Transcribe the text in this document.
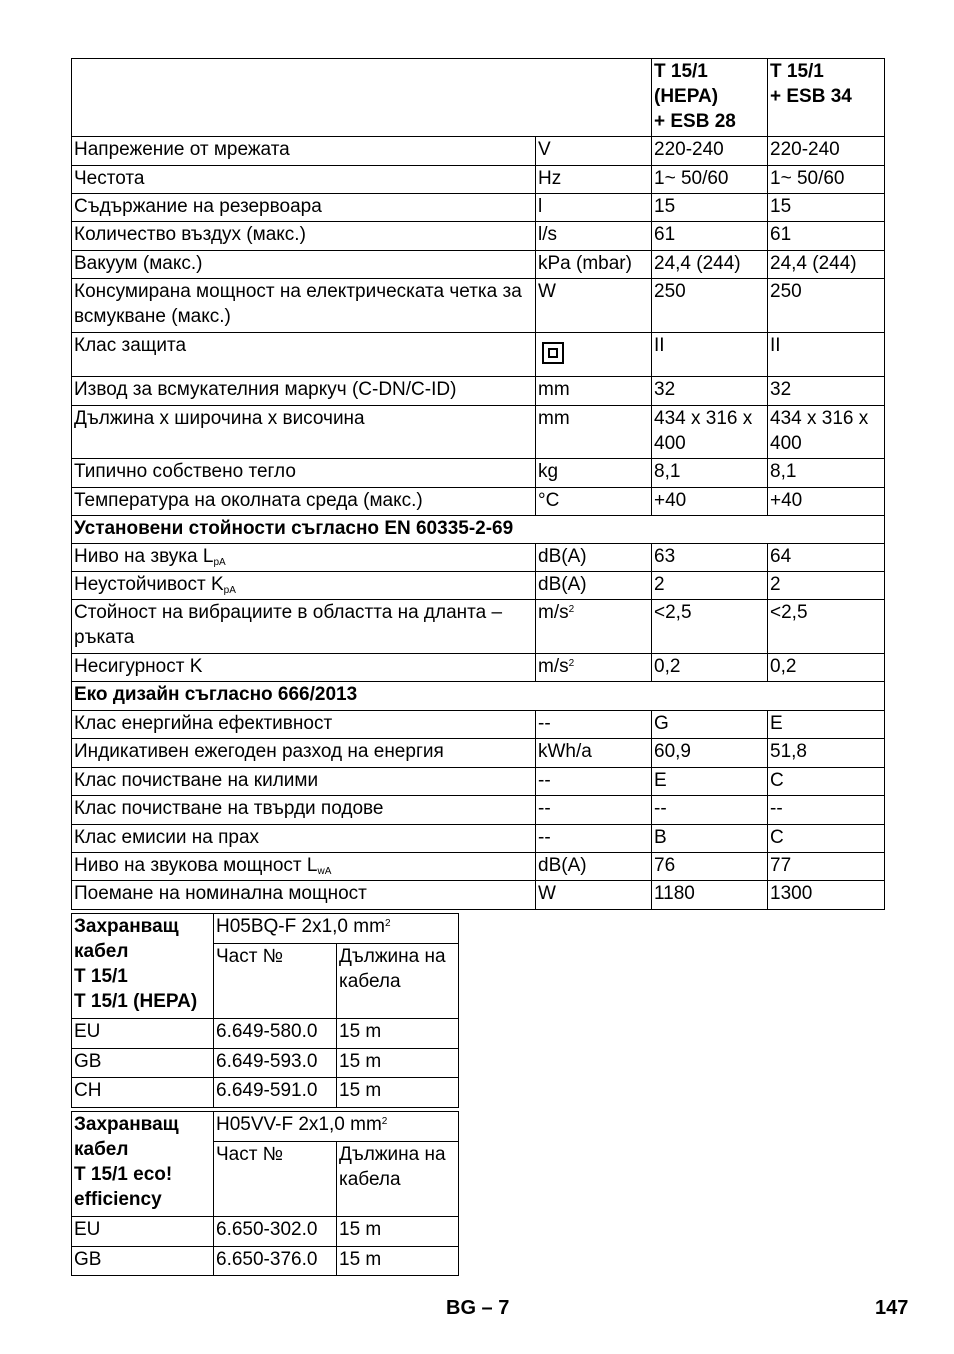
		T 15/1
(HEPA)
+ ESB 28	T 15/1
+ ESB 34
Напрежение от мрежата	V	220-240	220-240
Честота	Hz	1~ 50/60	1~ 50/60
Съдържание на резервоара	l	15	15
Количество въздух (макс.)	l/s	61	61
Вакуум (макс.)	kPa (mbar)	24,4 (244)	24,4 (244)
Консумирана мощност на електрическата четка за всмукване (макс.)	W	250	250
Клас защита		II	II
Извод за всмукателния маркуч (C-DN/C-ID)	mm	32	32
Дължина x широчина x височина	mm	434 x 316 x 400	434 x 316 x 400
Типично собствено тегло	kg	8,1	8,1
Температура на околната среда (макс.)	°C	+40	+40
Установени стойности съгласно EN 60335-2-69			
Ниво на звука $L_{pA}$	dB(A)	63	64
Неустойчивост $K_{pA}$	dB(A)	2	2
Стойност на вибрациите в областта на дланта – ръката	$m/s^2$	<2,5	<2,5
Несигурност K	$m/s^2$	0,2	0,2
Еко дизайн съгласно 666/2013			
Клас енергийна ефективност	--	G	E
Индикативен ежегоден разход на енергия	kWh/a	60,9	51,8
Клас почистване на килими	--	E	C
Клас почистване на твърди подове	--	--	--
Клас емисии на прах	--	B	C
Ниво на звукова мощност $L_{wA}$	dB(A)	76	77
Поемане на номинална мощност	W	1180	1300
Захранващ
кабел
T 15/1
T 15/1 (HEPA)	H05BQ-F 2x1,0 $mm^2$
	Част №	Дължина на кабела
EU	6.649-580.0	15 m
GB	6.649-593.0	15 m
CH	6.649-591.0	15 m
Захранващ
кабел
T 15/1 eco!
efficiency	H05VV-F 2x1,0 $mm^2$
	Част №	Дължина на кабела
EU	6.650-302.0	15 m
GB	6.650-376.0	15 m
BG – 7	147
